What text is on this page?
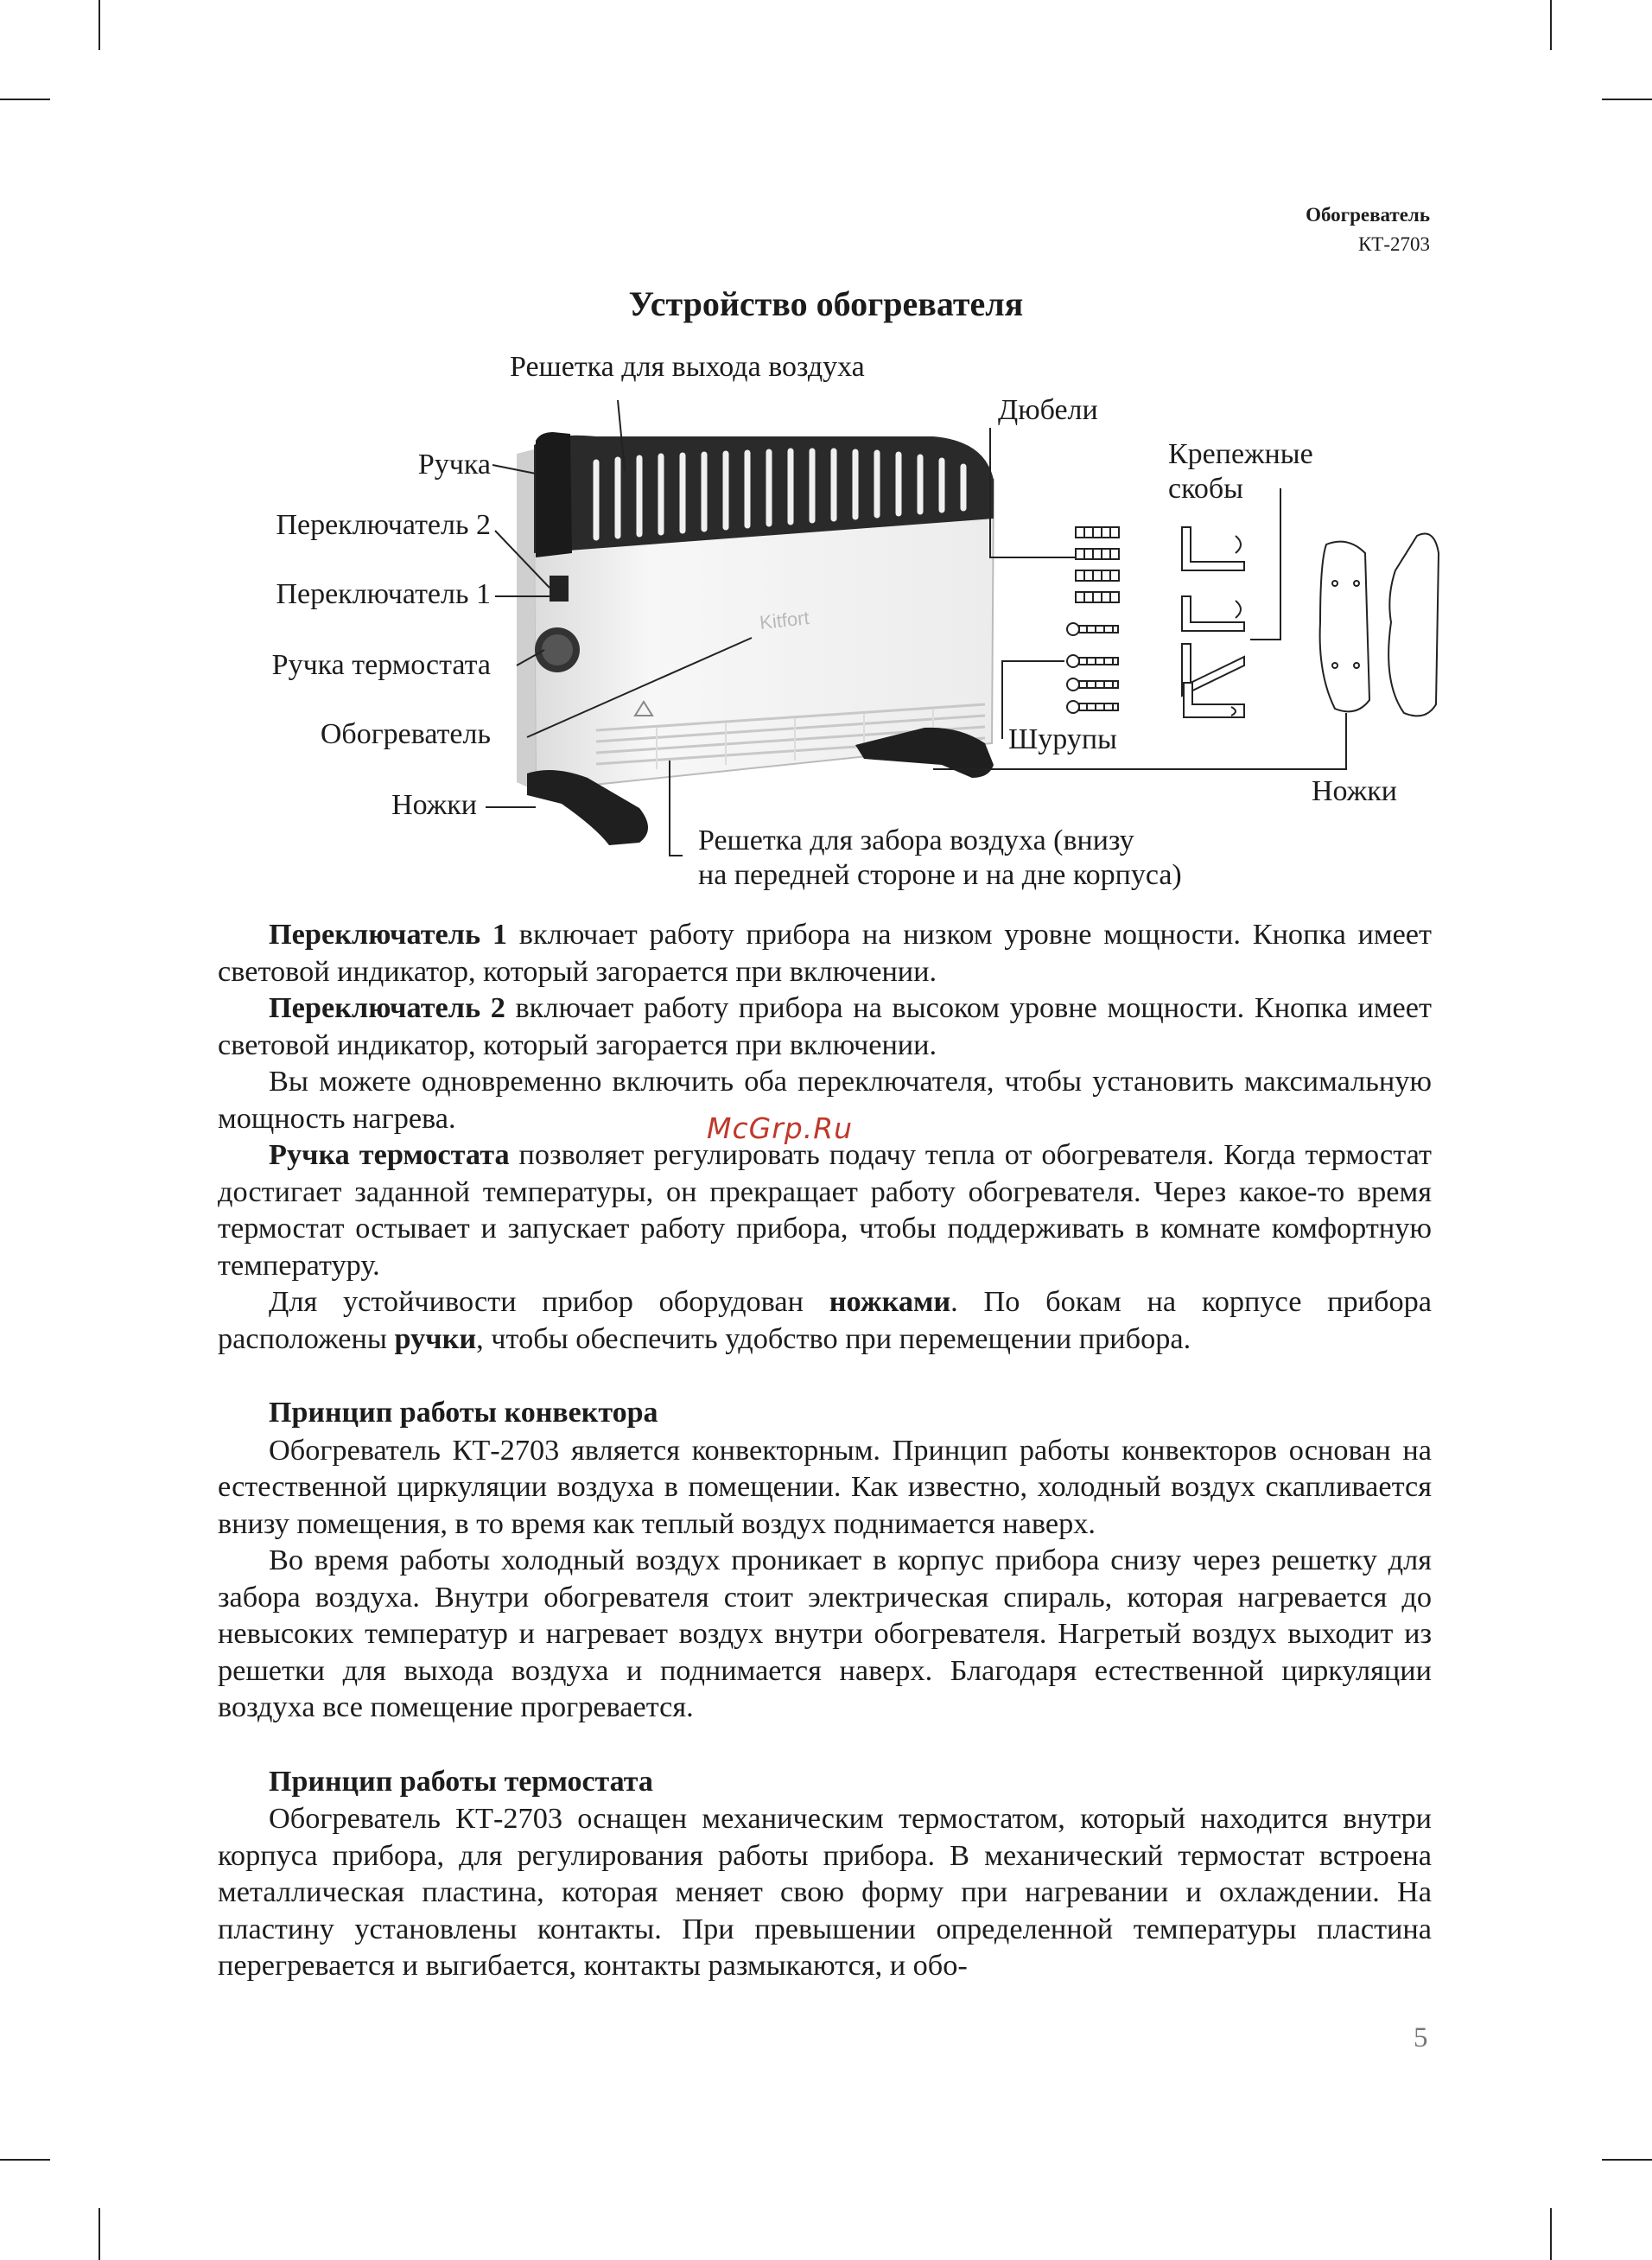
Обогреватель
КТ-2703
Устройство обогревателя
Kitfort
Решетка для выхода воздуха
Дюбели
Крепежные
скобы
Ручка
Переключатель 2
Переключатель 1
Ручка термостата
Обогреватель
Ножки
Шурупы
Ножки
Решетка для забора воздуха (внизу
на передней стороне и на дне корпуса)

Переключатель 1 включает работу прибора на низком уровне мощности. Кнопка имеет световой индикатор, который загорается при включении.

Переключатель 2 включает работу прибора на высоком уровне мощности. Кнопка имеет световой индикатор, который загорается при включении.

Вы можете одновременно включить оба переключателя, чтобы установить максимальную мощность нагрева.

Ручка термостата позволяет регулировать подачу тепла от обогревателя. Когда термостат достигает заданной температуры, он прекращает работу обогревателя. Через какое-то время термостат остывает и запускает работу прибора, чтобы поддерживать в комнате комфортную температуру.

Для устойчивости прибор оборудован ножками. По бокам на корпусе прибора расположены ручки, чтобы обеспечить удобство при перемещении прибора.

Принцип работы конвектора

Обогреватель КТ-2703 является конвекторным. Принцип работы конвекторов основан на естественной циркуляции воздуха в помещении. Как известно, холодный воздух скапливается внизу помещения, в то время как теплый воздух поднимается наверх.

Во время работы холодный воздух проникает в корпус прибора снизу через решетку для забора воздуха. Внутри обогревателя стоит электрическая спираль, которая нагревается до невысоких температур и нагревает воздух внутри обогревателя. Нагретый воздух выходит из решетки для выхода воздуха и поднимается наверх. Благодаря естественной циркуляции воздуха все помещение прогревается.

Принцип работы термостата

Обогреватель КТ-2703 оснащен механическим термостатом, который находится внутри корпуса прибора, для регулирования работы прибора. В механический термостат встроена металлическая пластина, которая меняет свою форму при нагревании и охлаждении. На пластину установлены контакты. При превышении определенной температуры пластина перегревается и выгибается, контакты размыкаются, и обо-

McGrp.Ru
5
